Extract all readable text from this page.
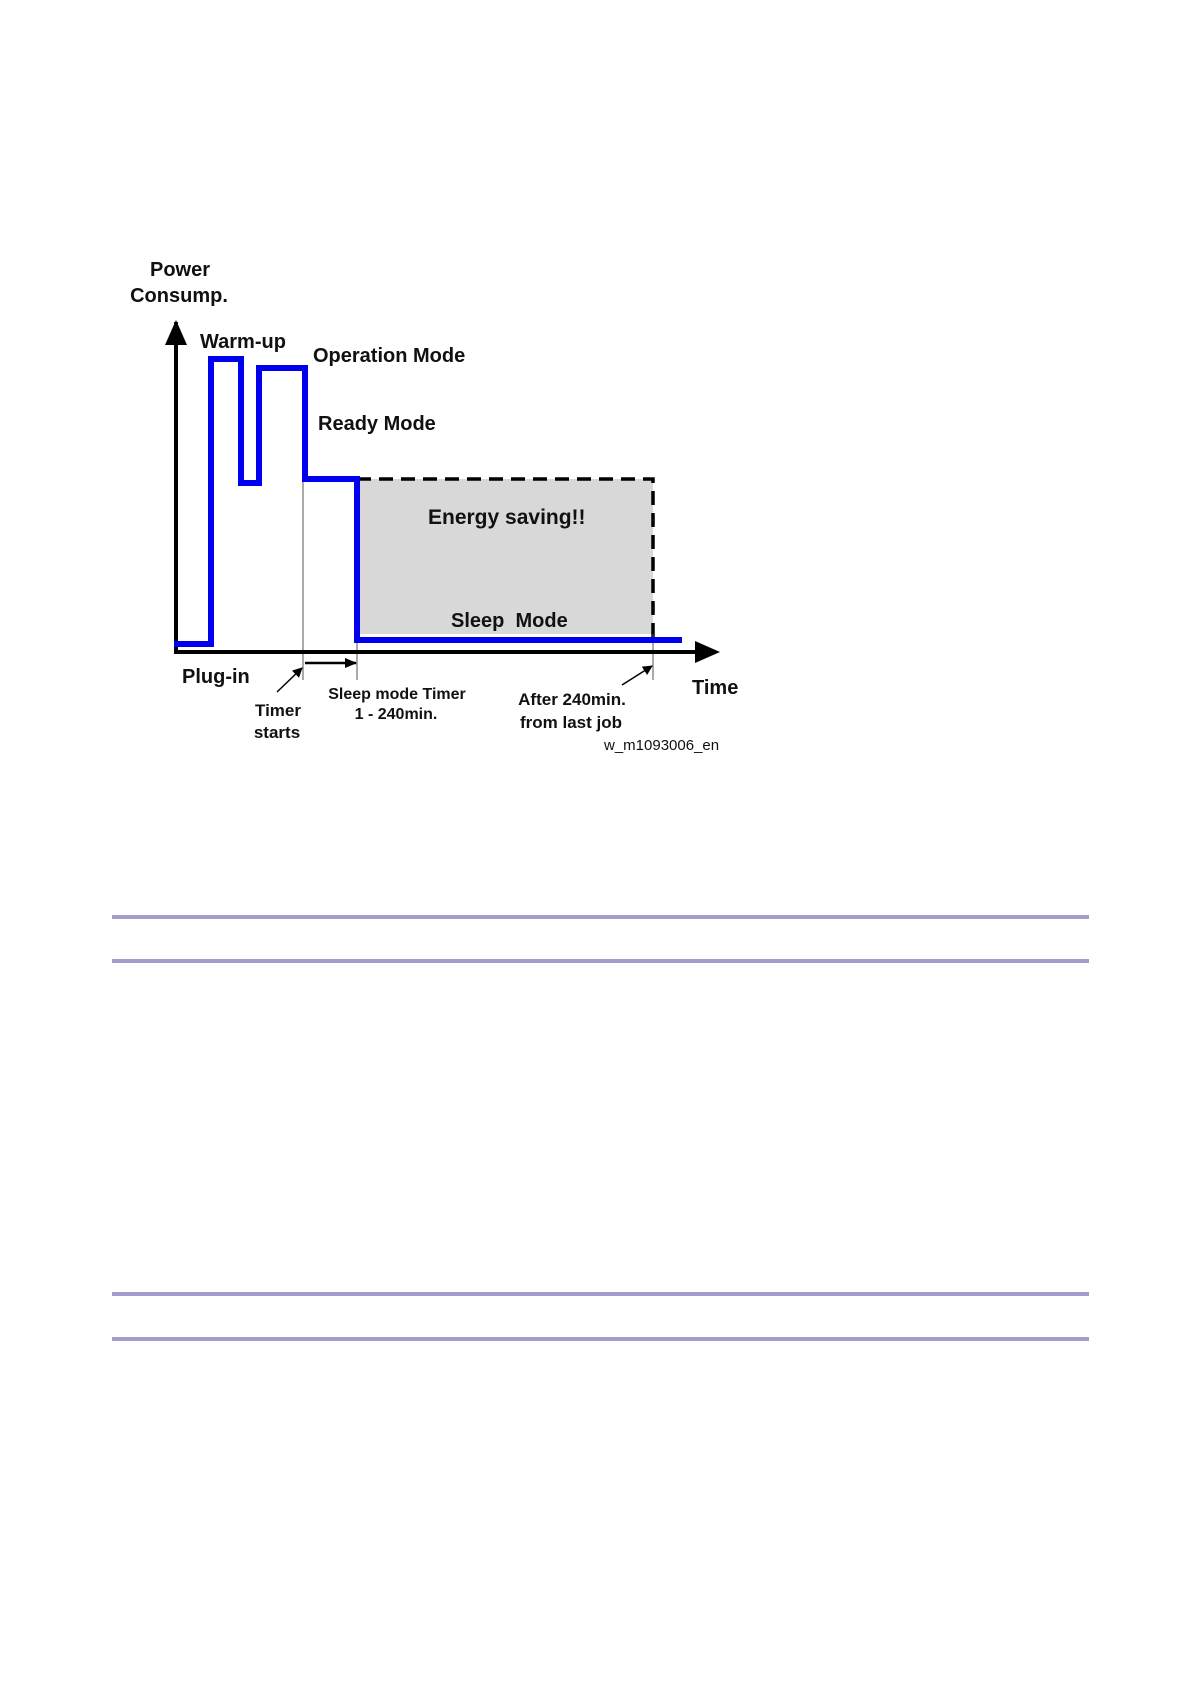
Power
Consump.
Warm-up
Operation Mode
Ready Mode
Energy saving!!
Sleep  Mode
Plug-in	Time
Timer
starts
Sleep mode Timer
1 - 240min.
After 240min.
from last job
w_m1093006_en
